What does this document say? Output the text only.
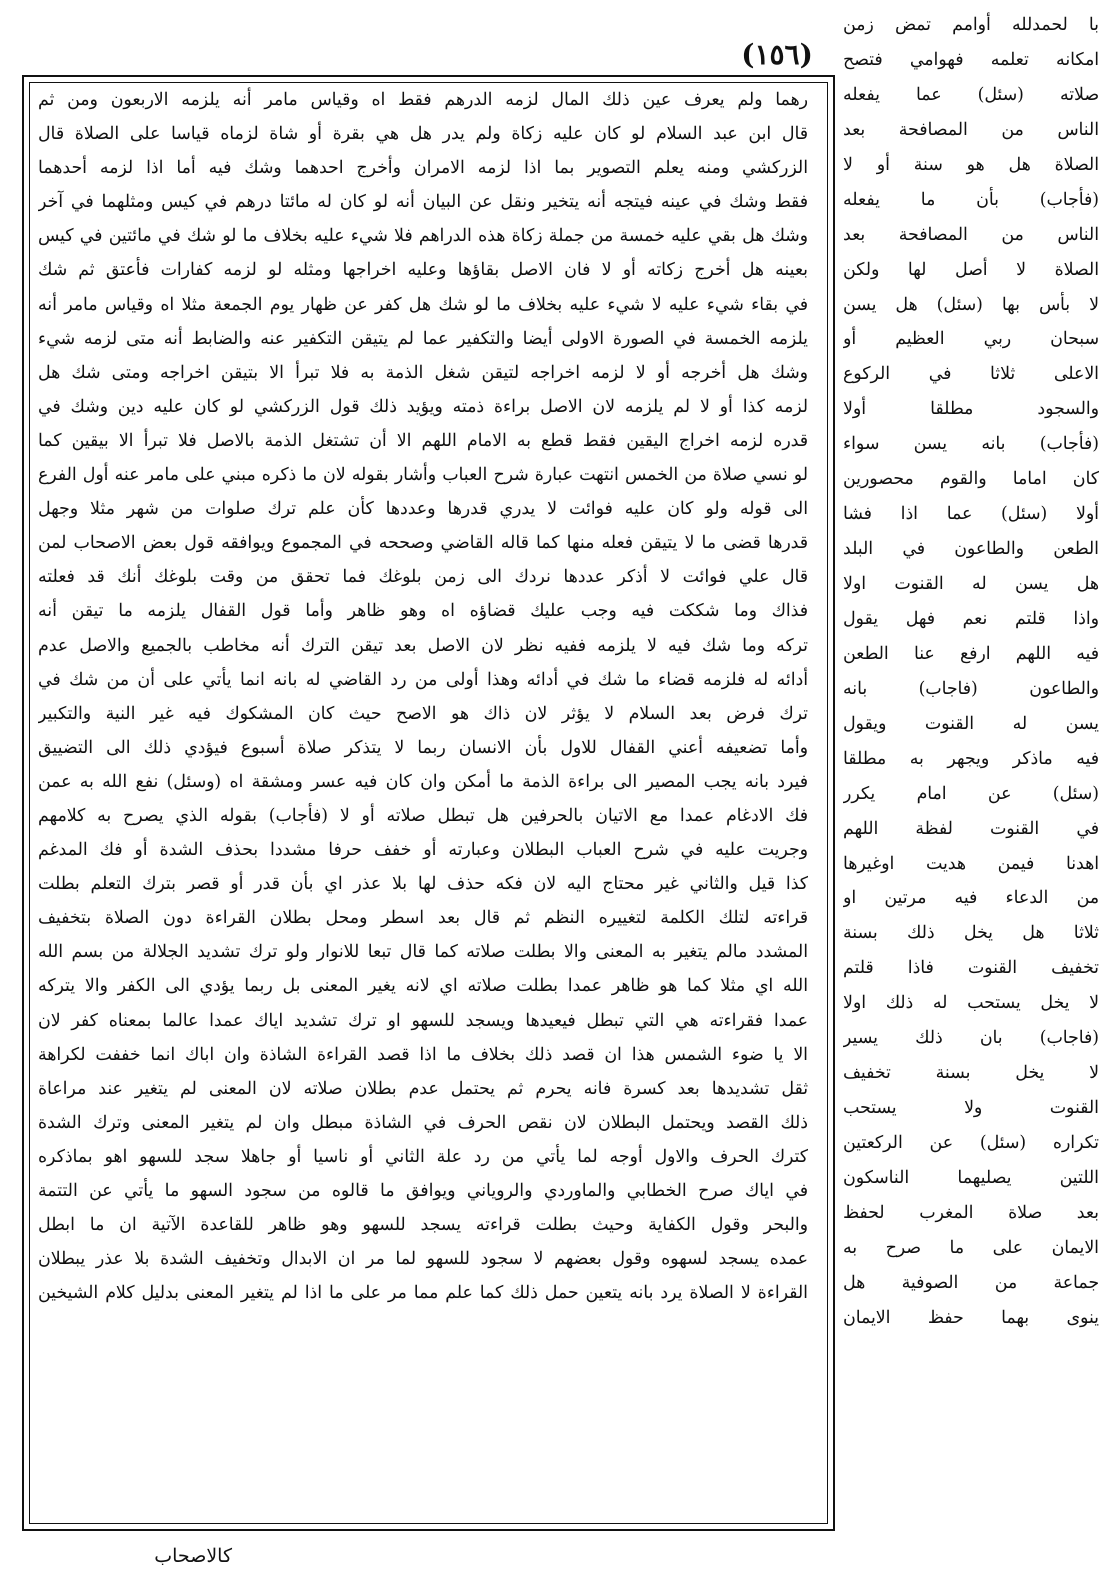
(١٥٦)
با لحمدلله أوامم تمض زمن
امكانه تعلمه فهوامي فتصح
صلاته (سئل) عما يفعله
الناس من المصافحة بعد
الصلاة هل هو سنة أو لا
(فأجاب) بأن ما يفعله
الناس من المصافحة بعد
الصلاة لا أصل لها ولكن
لا بأس بها (سئل) هل يسن
سبحان ربي العظيم أو
الاعلى ثلاثا في الركوع
والسجود مطلقا أولا
(فأجاب) بانه يسن سواء
كان اماما والقوم محصورين
أولا (سئل) عما اذا فشا
الطعن والطاعون في البلد
هل يسن له القنوت اولا
واذا قلتم نعم فهل يقول
فيه اللهم ارفع عنا الطعن
والطاعون (فاجاب) بانه
يسن له القنوت ويقول
فيه ماذكر ويجهر به مطلقا
(سئل) عن امام يكرر
في القنوت لفظة اللهم
اهدنا فيمن هديت اوغيرها
من الدعاء فيه مرتين او
ثلاثا هل يخل ذلك بسنة
تخفيف القنوت فاذا قلتم
لا يخل يستحب له ذلك اولا
(فاجاب) بان ذلك يسير
لا يخل بسنة تخفيف
القنوت ولا يستحب
تكراره (سئل) عن الركعتين
اللتين يصليهما الناسكون
بعد صلاة المغرب لحفظ
الايمان على ما صرح به
جماعة من الصوفية هل
ينوى بهما حفظ الايمان
رهما ولم يعرف عين ذلك المال لزمه الدرهم فقط اه وقياس مامر أنه يلزمه الاربعون ومن ثم
قال ابن عبد السلام لو كان عليه زكاة ولم يدر هل هي بقرة أو شاة لزماه قياسا على الصلاة قال
الزركشي ومنه يعلم التصوير بما اذا لزمه الامران وأخرج احدهما وشك فيه أما اذا لزمه أحدهما
فقط وشك في عينه فيتجه أنه يتخير ونقل عن البيان أنه لو كان له مائتا درهم في كيس ومثلهما في آخر
وشك هل بقي عليه خمسة من جملة زكاة هذه الدراهم فلا شيء عليه بخلاف ما لو شك في مائتين في كيس
بعينه هل أخرج زكاته أو لا فان الاصل بقاؤها وعليه اخراجها ومثله لو لزمه كفارات فأعتق ثم شك
في بقاء شيء عليه لا شيء عليه بخلاف ما لو شك هل كفر عن ظهار يوم الجمعة مثلا اه وقياس مامر أنه
يلزمه الخمسة في الصورة الاولى أيضا والتكفير عما لم يتيقن التكفير عنه والضابط أنه متى لزمه شيء
وشك هل أخرجه أو لا لزمه اخراجه لتيقن شغل الذمة به فلا تبرأ الا بتيقن اخراجه ومتى شك هل
لزمه كذا أو لا لم يلزمه لان الاصل براءة ذمته ويؤيد ذلك قول الزركشي لو كان عليه دين وشك في
قدره لزمه اخراج اليقين فقط قطع به الامام اللهم الا أن تشتغل الذمة بالاصل فلا تبرأ الا بيقين كما
لو نسي صلاة من الخمس انتهت عبارة شرح العباب وأشار بقوله لان ما ذكره مبني على مامر عنه أول الفرع
الى قوله ولو كان عليه فوائت لا يدري قدرها وعددها كأن علم ترك صلوات من شهر مثلا وجهل
قدرها قضى ما لا يتيقن فعله منها كما قاله القاضي وصححه في المجموع ويوافقه قول بعض الاصحاب لمن
قال علي فوائت لا أذكر عددها نردك الى زمن بلوغك فما تحقق من وقت بلوغك أنك قد فعلته
فذاك وما شككت فيه وجب عليك قضاؤه اه وهو ظاهر وأما قول القفال يلزمه ما تيقن أنه
تركه وما شك فيه لا يلزمه ففيه نظر لان الاصل بعد تيقن الترك أنه مخاطب بالجميع والاصل عدم
أدائه له فلزمه قضاء ما شك في أدائه وهذا أولى من رد القاضي له بانه انما يأتي على أن من شك في
ترك فرض بعد السلام لا يؤثر لان ذاك هو الاصح حيث كان المشكوك فيه غير النية والتكبير
وأما تضعيفه أعني القفال للاول بأن الانسان ربما لا يتذكر صلاة أسبوع فيؤدي ذلك الى التضييق
فيرد بانه يجب المصير الى براءة الذمة ما أمكن وان كان فيه عسر ومشقة اه (وسئل) نفع الله به عمن
فك الادغام عمدا مع الاتيان بالحرفين هل تبطل صلاته أو لا (فأجاب) بقوله الذي يصرح به كلامهم
وجريت عليه في شرح العباب البطلان وعبارته أو خفف حرفا مشددا بحذف الشدة أو فك المدغم
كذا قيل والثاني غير محتاج اليه لان فكه حذف لها بلا عذر اي بأن قدر أو قصر بترك التعلم بطلت
قراءته لتلك الكلمة لتغييره النظم ثم قال بعد اسطر ومحل بطلان القراءة دون الصلاة بتخفيف
المشدد مالم يتغير به المعنى والا بطلت صلاته كما قال تبعا للانوار ولو ترك تشديد الجلالة من بسم الله
الله اي مثلا كما هو ظاهر عمدا بطلت صلاته اي لانه يغير المعنى بل ربما يؤدي الى الكفر والا يتركه
عمدا فقراءته هي التي تبطل فيعيدها ويسجد للسهو او ترك تشديد اياك عمدا عالما بمعناه كفر لان
الا يا ضوء الشمس هذا ان قصد ذلك بخلاف ما اذا قصد القراءة الشاذة وان اباك انما خففت لكراهة
ثقل تشديدها بعد كسرة فانه يحرم ثم يحتمل عدم بطلان صلاته لان المعنى لم يتغير عند مراعاة
ذلك القصد ويحتمل البطلان لان نقص الحرف في الشاذة مبطل وان لم يتغير المعنى وترك الشدة
كترك الحرف والاول أوجه لما يأتي من رد علة الثاني أو ناسيا أو جاهلا سجد للسهو اهو بماذكره
في اياك صرح الخطابي والماوردي والروياني ويوافق ما قالوه من سجود السهو ما يأتي عن التتمة
والبحر وقول الكفاية وحيث بطلت قراءته يسجد للسهو وهو ظاهر للقاعدة الآتية ان ما ابطل
عمده يسجد لسهوه وقول بعضهم لا سجود للسهو لما مر ان الابدال وتخفيف الشدة بلا عذر يبطلان
القراءة لا الصلاة يرد بانه يتعين حمل ذلك كما علم مما مر على ما اذا لم يتغير المعنى بدليل كلام الشيخين
كالاصحاب
